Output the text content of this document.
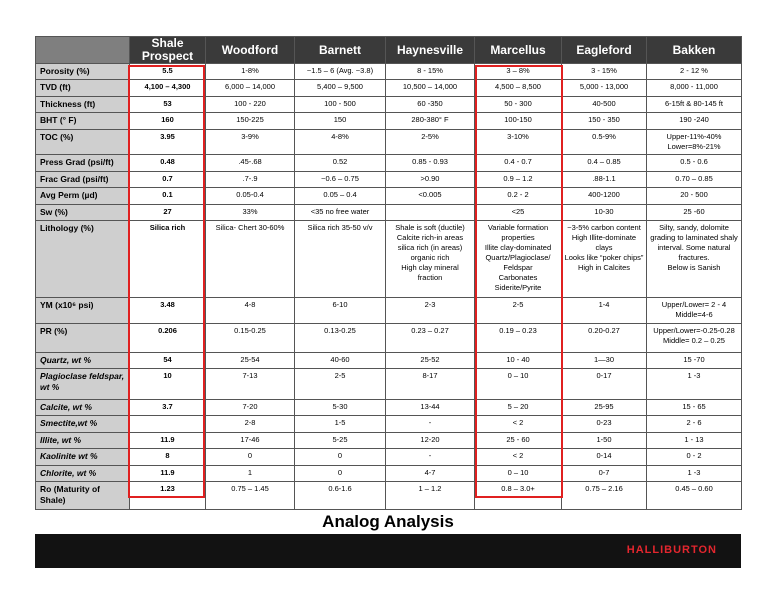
	Shale Prospect	Woodford	Barnett	Haynesville	Marcellus	Eagleford	Bakken
Porosity (%)	5.5	1-8%	~1.5 – 6 (Avg. ~3.8)	8 - 15%	3 – 8%	3 - 15%	2 - 12 %
TVD (ft)	4,100 – 4,300	6,000 – 14,000	5,400 – 9,500	10,500 – 14,000	4,500 – 8,500	5,000 - 13,000	8,000 - 11,000
Thickness (ft)	53	100 - 220	100 - 500	60 -350	50 - 300	40-500	6-15ft & 80-145 ft
BHT (° F)	160	150-225	150	280-380° F	100-150	150 - 350	190 -240
TOC (%)	3.95	3-9%	4-8%	2-5%	3-10%	0.5-9%	Upper-11%-40%
Lower=8%-21%
Press Grad (psi/ft)	0.48	.45-.68	0.52	0.85 - 0.93	0.4 - 0.7	0.4 – 0.85	0.5 - 0.6
Frac Grad (psi/ft)	0.7	.7-.9	~0.6 – 0.75	>0.90	0.9 – 1.2	.88-1.1	0.70 – 0.85
Avg Perm (µd)	0.1	0.05-0.4	0.05 – 0.4	<0.005	0.2 - 2	400-1200	20 - 500
Sw (%)	27	33%	<35 no free water		<25	10-30	25 -60
Lithology (%)	Silica rich	Silica- Chert 30-60%	Silica rich 35-50 v/v	Shale is soft (ductile)
Calcite rich-in areas
silica rich (in areas)
organic rich
High clay mineral fraction	Variable formation properties
Illite clay-dominated
Quartz/Plagioclase/ Feldspar
Carbonates
Siderite/Pyrite	~3-5% carbon content
High Illite-dominate clays
Looks like “poker chips”
High in Calcites	Silty, sandy, dolomite grading to laminated shaly interval. Some natural fractures.
Below is Sanish
YM (x10⁶ psi)	3.48	4-8	6-10	2-3	2-5	1-4	Upper/Lower= 2 - 4
Middle=4-6
PR (%)	0.206	0.15-0.25	0.13-0.25	0.23 – 0.27	0.19 – 0.23	0.20-0.27	Upper/Lower=-0.25-0.28
Middle= 0.2 – 0.25
Quartz, wt %	54	25-54	40-60	25-52	10 - 40	1—30	15 -70
Plagioclase feldspar, wt %	10	7-13	2-5	8-17	0 – 10	0-17	1 -3
Calcite, wt %	3.7	7-20	5-30	13-44	5 – 20	25-95	15 - 65
Smectite,wt %		2-8	1-5	-	< 2	0-23	2 - 6
Illite, wt %	11.9	17-46	5-25	12-20	25 - 60	1-50	1 - 13
Kaolinite wt %	8	0	0	-	< 2	0-14	0 - 2
Chlorite, wt %	11.9	1	0	4-7	0 – 10	0-7	1 -3
Ro (Maturity of Shale)	1.23	0.75 – 1.45	0.6-1.6	1 – 1.2	0.8 – 3.0+	0.75 – 2.16	0.45 – 0.60
Analog Analysis
HALLIBURTON
